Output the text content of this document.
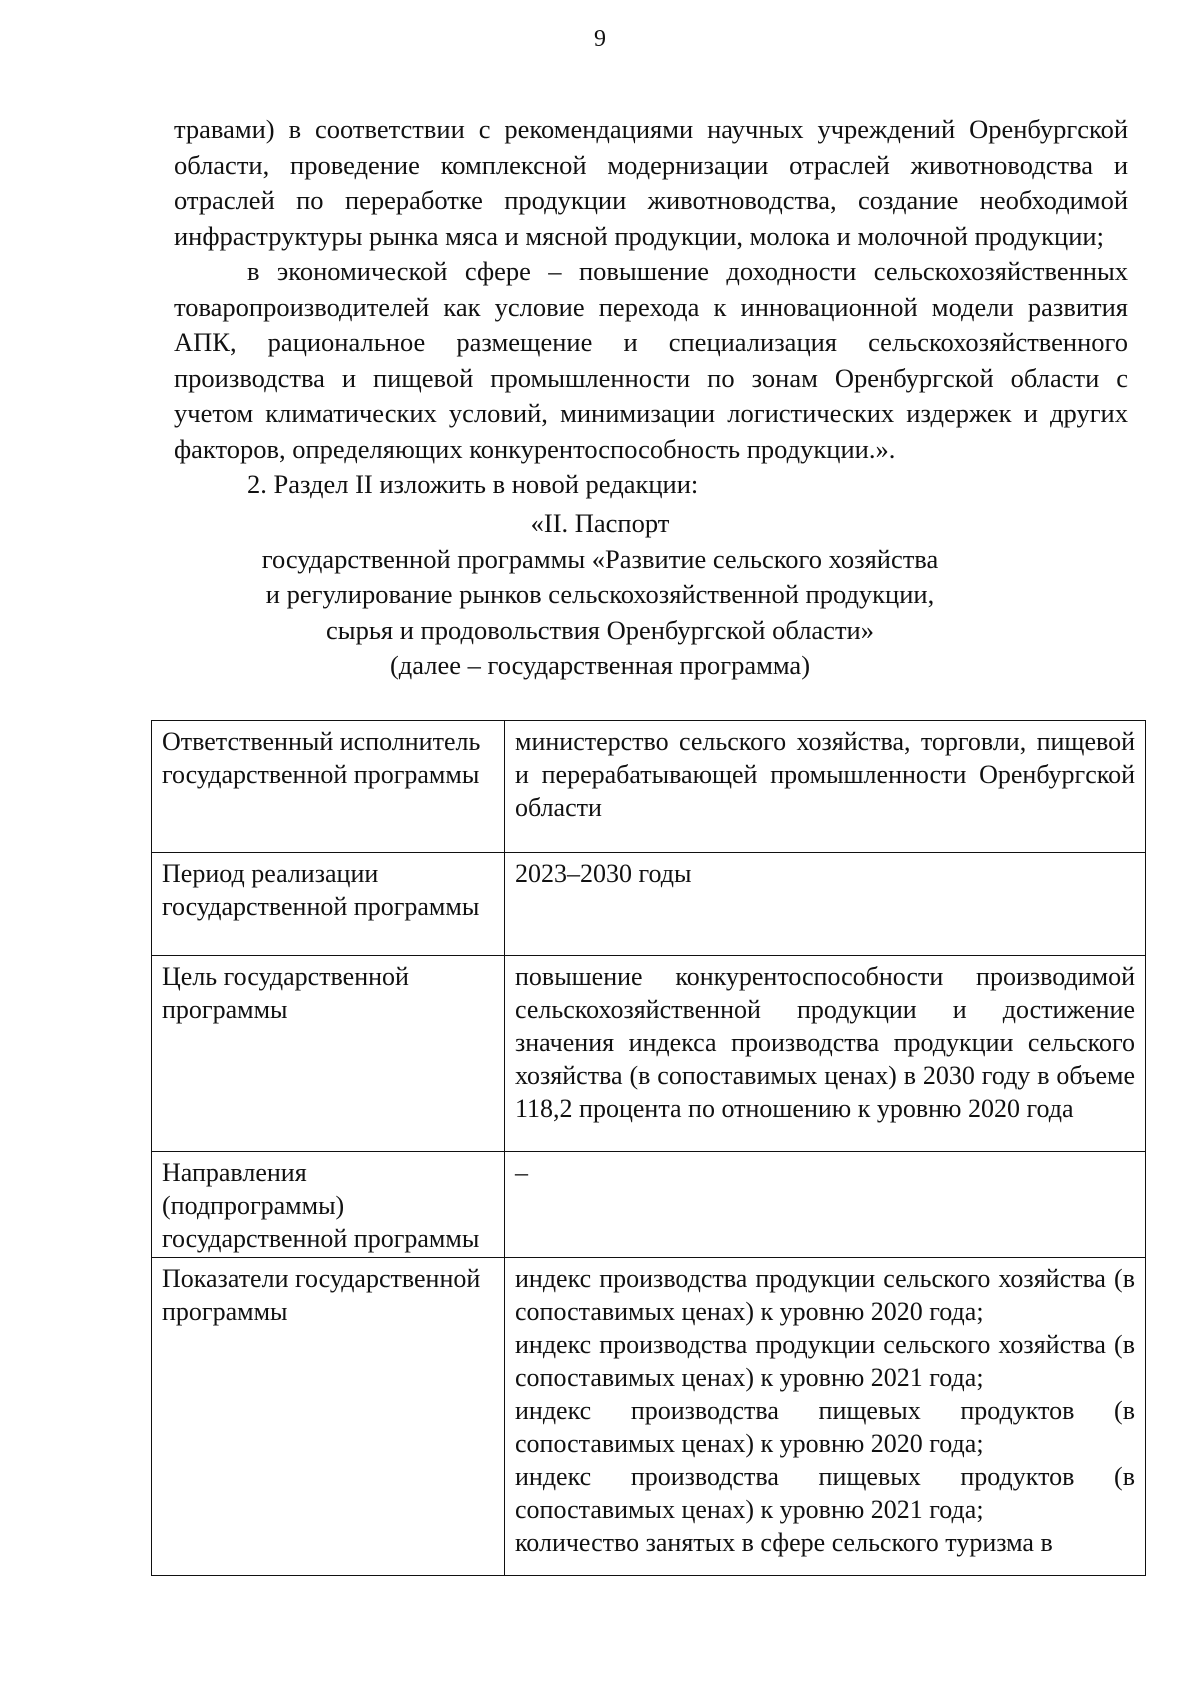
9

травами) в соответствии с рекомендациями научных учреждений Оренбургской области, проведение комплексной модернизации отраслей животноводства и отраслей по переработке продукции животноводства, создание необходимой инфраструктуры рынка мяса и мясной продукции, молока и молочной продукции;

в экономической сфере – повышение доходности сельскохозяйственных товаропроизводителей как условие перехода к инновационной модели развития АПК, рациональное размещение и специализация сельскохозяйственного производства и пищевой промышленности по зонам Оренбургской области с учетом климатических условий, минимизации логистических издержек и других факторов, определяющих конкурентоспособность продукции.».

2. Раздел II изложить в новой редакции:

«II. Паспорт
государственной программы «Развитие сельского хозяйства
и регулирование рынков сельскохозяйственной продукции,
сырья и продовольствия Оренбургской области»
(далее – государственная программа)
Ответственный исполнитель государственной программы	министерство сельского хозяйства, торговли, пищевой и перерабатывающей промышленности Оренбургской области

Период реализации государственной программы	2023–2030 годы

Цель государственной программы	повышение конкурентоспособности производимой сельскохозяйственной продукции и достижение значения индекса производства продукции сельского хозяйства (в сопоставимых ценах) в 2030 году в объеме 118,2 процента по отношению к уровню 2020 года

Направления (подпрограммы) государственной программы	–

Показатели государственной программы	индекс производства продукции сельского хозяйства (в сопоставимых ценах) к уровню 2020 года;
индекс производства продукции сельского хозяйства (в сопоставимых ценах) к уровню 2021 года;
индекс производства пищевых продуктов (в сопоставимых ценах) к уровню 2020 года;
индекс производства пищевых продуктов (в сопоставимых ценах) к уровню 2021 года;
количество занятых в сфере сельского туризма в
